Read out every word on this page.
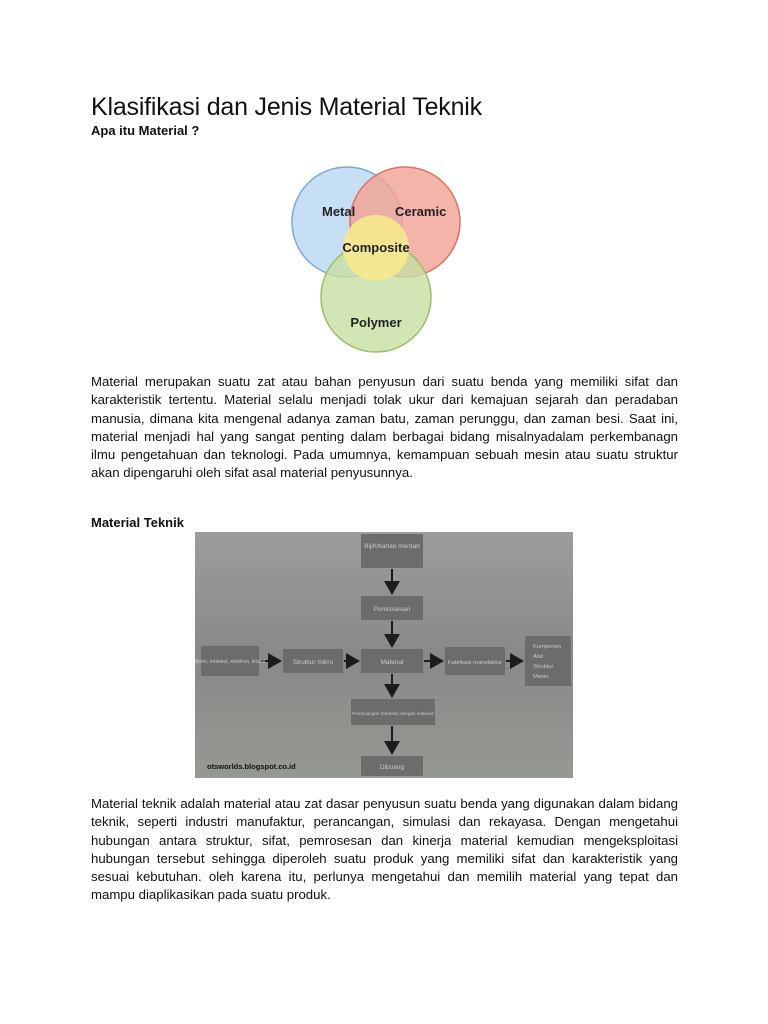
Klasifikasi dan Jenis Material Teknik
Apa itu Material ?
Metal	Ceramic
Composite
Polymer

Material merupakan suatu zat atau bahan penyusun dari suatu benda yang memiliki sifat dan karakteristik tertentu. Material selalu menjadi tolak ukur dari kemajuan sejarah dan peradaban manusia, dimana kita mengenal adanya zaman batu, zaman perunggu, dan zaman besi. Saat ini, material menjadi hal yang sangat penting dalam berbagai bidang misalnyadalam perkembanagn ilmu pengetahuan dan teknologi. Pada umumnya, kemampuan sebuah mesin atau suatu struktur akan dipengaruhi oleh sifat asal material penyusunnya.

Material Teknik
Bijih/bahan mentah
Pemrosesan
Atom, molekul, elektron, kristal	Struktur mikro	Material	Fabrikasi manufaktur
Komponen
Alat
Struktur
Mesin
Pembuangan (berkala) dengan mekanis
Dibuang
otsworlds.blogspot.co.id

Material teknik adalah material atau zat dasar penyusun suatu benda yang digunakan dalam bidang teknik, seperti industri manufaktur, perancangan, simulasi dan rekayasa. Dengan mengetahui hubungan antara struktur, sifat, pemrosesan dan kinerja material kemudian mengeksploitasi hubungan tersebut sehingga diperoleh suatu produk yang memiliki sifat dan karakteristik yang sesuai kebutuhan. oleh karena itu, perlunya mengetahui dan memilih material yang tepat dan mampu diaplikasikan pada suatu produk.
